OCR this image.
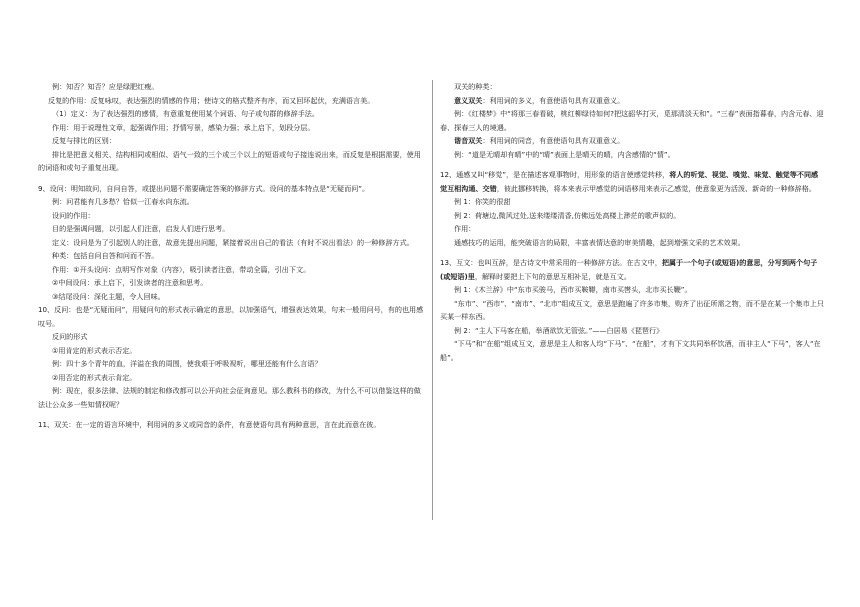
例：知否？知否？应是绿肥红瘦。

反复的作用：反复咏叹，表达强烈的情感的作用；使诗文的格式整齐有序，而又回环起伏，充满语言美。

（1）定义：为了表达强烈的感情，有意重复使用某个词语、句子或句群的修辞手法。

作用：用于说理性文章，起强调作用；抒情写景，感染力强；承上启下，划段分层。

反复与排比的区别：

排比是把意义相关、结构相同或相似、语气一致的三个或三个以上的短语或句子接连说出来，而反复是根据需要，使用的词语和或句子重复出现。

9、设问：明知故问，自问自答，或提出问题不需要确定答案的修辞方式。设问的基本特点是“无疑而问”。

例：问君能有几多愁？恰似一江春水向东流。

设问的作用：

目的是强调问题，以引起人们注意，启发人们进行思考。

定义：设问是为了引起别人的注意，故意先提出问题，紧接着说出自己的看法（有时不说出看法）的一种修辞方式。

种类：包括自问自答和问而不答。

作用：①开头设问：点明写作对象（内容），吸引读者注意，带动全篇，引出下文。

②中间设问：承上启下，引发读者的注意和思考。

③结尾设问：深化主题，令人回味。

10、反问：也是“无疑而问”，用疑问句的形式表示确定的意思，以加强语气，增强表达效果，句末一般用问号，有的也用感叹号。

反问的形式

①用肯定的形式表示否定。

例：四十多个青年的血，洋溢在我的周围，使我艰于呼吸视听，哪里还能有什么言语？

②用否定的形式表示肯定。

例：现在，很多法律、法规的制定和修改都可以公开向社会征询意见。那么教科书的修改，为什么不可以借鉴这样的做法让公众多一些知情权呢？

11、双关：在一定的语言环境中，利用词的多义或同音的条件，有意使语句具有两种意思，言在此而意在彼。

双关的种类：

意义双关：利用词的多义，有意使语句具有双重意义。

例：《红楼梦》中“将那三春看破，桃红柳绿待如何?把这韶华打灭，觅那清淡天和”。“三春”表面指暮春，内含元春、迎春、探春三人的境遇。

谐音双关：利用词的同音，有意使语句具有双重意义。

例：“道是无晴却有晴”中的“晴”表面上是晴天的晴，内含感情的“情”。

12、通感又叫“移觉”，是在描述客观事物时，用形象的语言使感觉转移，将人的听觉、视觉、嗅觉、味觉、触觉等不同感觉互相沟通、交错，彼此挪移转换，将本来表示甲感觉的词语移用来表示乙感觉，使意象更为活泼、新奇的一种修辞格。

例 1：你笑的很甜

例 2：荷塘边,微风过处,送来缕缕清香,仿佛远处高楼上渺茫的歌声似的。

作用：

通感技巧的运用，能突破语言的局限，丰富表情达意的审美情趣，起到增强文采的艺术效果。

13、互文：也叫互辞，是古诗文中常采用的一种修辞方法。在古文中，把属于一个句子(或短语)的意思，分写到两个句子(或短语)里，解释时要把上下句的意思互相补足，就是互文。

例 1：《木兰辞》中“东市买骏马，西市买鞍鞯，南市买辔头，北市买长鞭”。

“东市”、“西市”、“南市”、“北市”组成互文，意思是跑遍了许多市集，购齐了出征所需之物，而不是在某一个集市上只买某一样东西。

例 2：“主人下马客在船，举酒欲饮无管弦。”——白居易《琵琶行》

“下马”和“在船”组成互文，意思是主人和客人均“下马”、“在船”，才有下文共同举杯饮酒，而非主人“下马”，客人“在船”。
